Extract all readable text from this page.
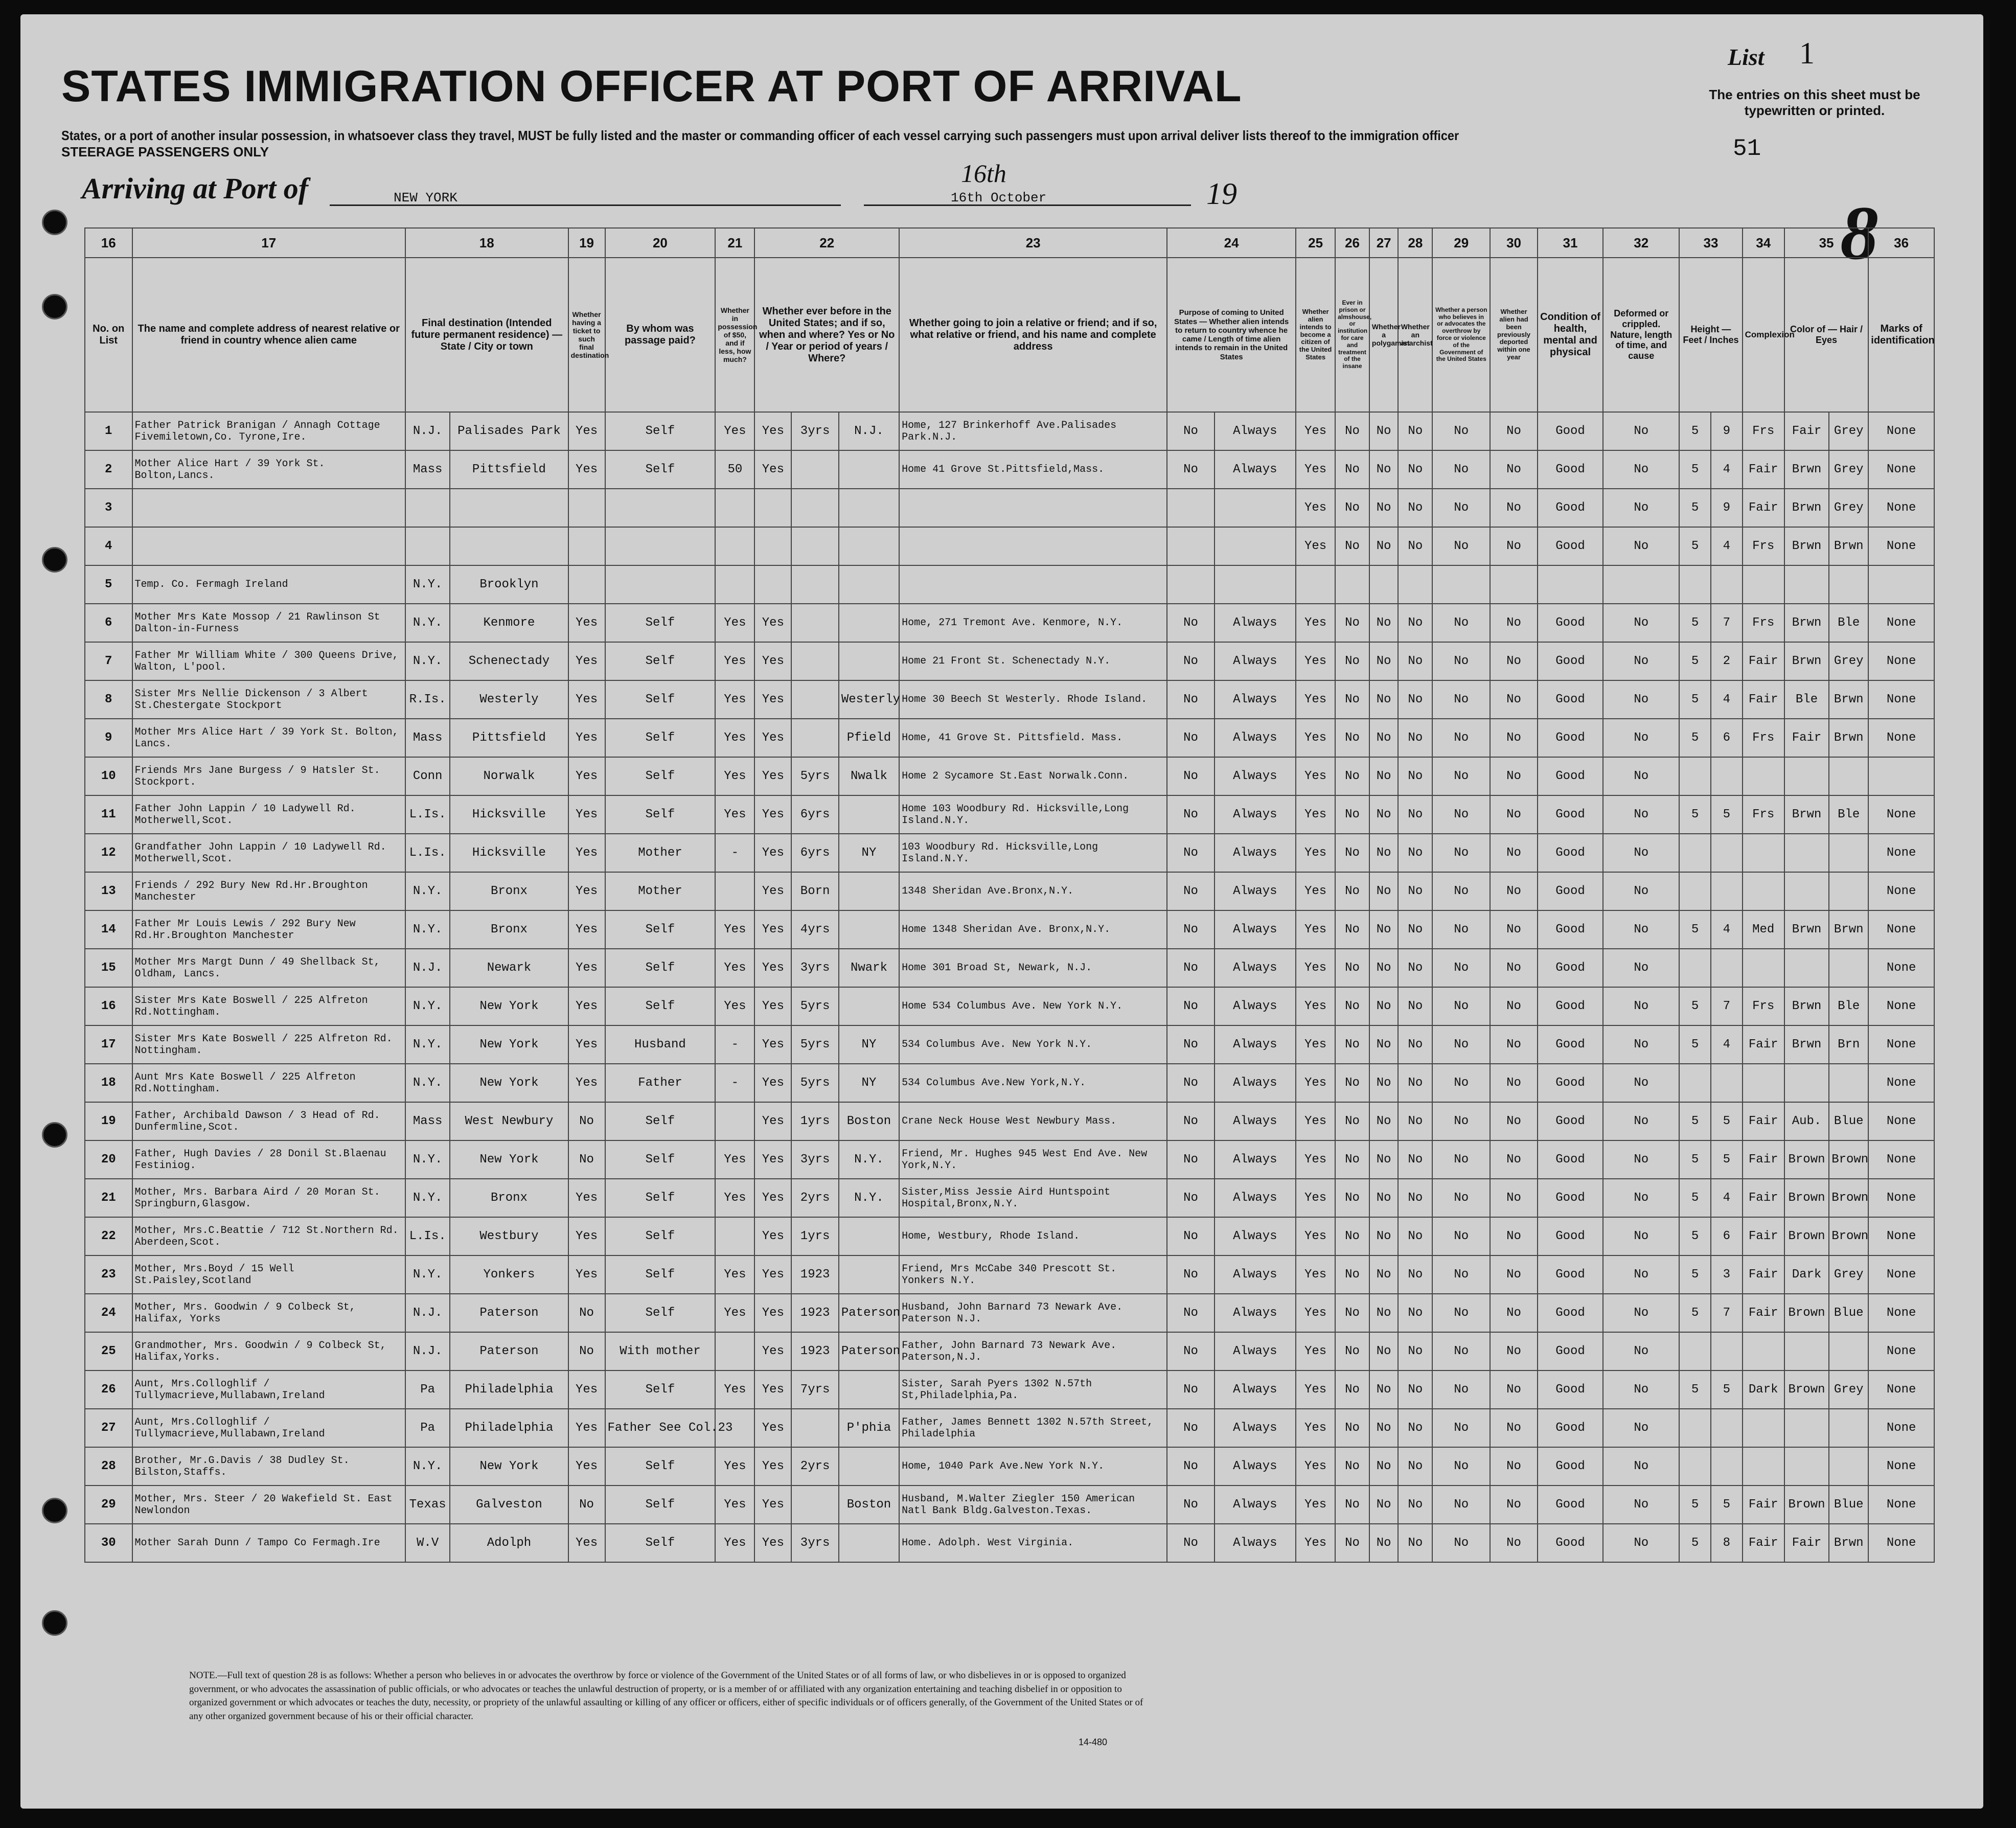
STATES IMMIGRATION OFFICER AT PORT OF ARRIVAL
States, or a port of another insular possession, in whatsoever class they travel, MUST be fully listed and the master or commanding officer of each vessel carrying such passengers must upon arrival deliver lists thereof to the immigration officer
STEERAGE PASSENGERS ONLY
List 1
The entries on this sheet must be typewritten or printed.
51
Arriving at Port of	NEW YORK	16th October
16th
19	8
16	17	18		19	20	21	22			23	24		25	26	27	28	29	30	31	32	33		34	35		36
No. on List	The name and complete address of nearest relative or friend in country whence alien came	Final destination (Intended future permanent residence) — State / City or town		Whether having a ticket to such final destination	By whom was passage paid?	Whether in possession of $50, and if less, how much?	Whether ever before in the United States; and if so, when and where? Yes or No / Year or period of years / Where?			Whether going to join a relative or friend; and if so, what relative or friend, and his name and complete address	Purpose of coming to United States — Whether alien intends to return to country whence he came / Length of time alien intends to remain in the United States		Whether alien intends to become a citizen of the United States	Ever in prison or almshouse, or institution for care and treatment of the insane	Whether a polygamist	Whether an anarchist	Whether a person who believes in or advocates the overthrow by force or violence of the Government of the United States	Whether alien had been previously deported within one year	Condition of health, mental and physical	Deformed or crippled. Nature, length of time, and cause	Height — Feet / Inches		Complexion	Color of — Hair / Eyes		Marks of identification
1	Father Patrick Branigan / Annagh Cottage Fivemiletown,Co. Tyrone,Ire.	N.J.	Palisades Park	Yes	Self	Yes	Yes	3yrs	N.J.	Home, 127 Brinkerhoff Ave.Palisades Park.N.J.	No	Always	Yes	No	No	No	No	No	Good	No	5	9	Frs	Fair	Grey	None
2	Mother Alice Hart / 39 York St. Bolton,Lancs.	Mass	Pittsfield	Yes	Self	50	Yes			Home 41 Grove St.Pittsfield,Mass.	No	Always	Yes	No	No	No	No	No	Good	No	5	4	Fair	Brwn	Grey	None
3													Yes	No	No	No	No	No	Good	No	5	9	Fair	Brwn	Grey	None
4													Yes	No	No	No	No	No	Good	No	5	4	Frs	Brwn	Brwn	None
5	Temp. Co. Fermagh Ireland	N.Y.	Brooklyn																							
6	Mother Mrs Kate Mossop / 21 Rawlinson St Dalton-in-Furness	N.Y.	Kenmore	Yes	Self	Yes	Yes			Home, 271 Tremont Ave. Kenmore, N.Y.	No	Always	Yes	No	No	No	No	No	Good	No	5	7	Frs	Brwn	Ble	None
7	Father Mr William White / 300 Queens Drive, Walton, L'pool.	N.Y.	Schenectady	Yes	Self	Yes	Yes			Home 21 Front St. Schenectady N.Y.	No	Always	Yes	No	No	No	No	No	Good	No	5	2	Fair	Brwn	Grey	None
8	Sister Mrs Nellie Dickenson / 3 Albert St.Chestergate Stockport	R.Is.	Westerly	Yes	Self	Yes	Yes		Westerly	Home 30 Beech St Westerly. Rhode Island.	No	Always	Yes	No	No	No	No	No	Good	No	5	4	Fair	Ble	Brwn	None
9	Mother Mrs Alice Hart / 39 York St. Bolton, Lancs.	Mass	Pittsfield	Yes	Self	Yes	Yes		Pfield	Home, 41 Grove St. Pittsfield. Mass.	No	Always	Yes	No	No	No	No	No	Good	No	5	6	Frs	Fair	Brwn	None
10	Friends Mrs Jane Burgess / 9 Hatsler St. Stockport.	Conn	Norwalk	Yes	Self	Yes	Yes	5yrs	Nwalk	Home 2 Sycamore St.East Norwalk.Conn.	No	Always	Yes	No	No	No	No	No	Good	No						
11	Father John Lappin / 10 Ladywell Rd. Motherwell,Scot.	L.Is.	Hicksville	Yes	Self	Yes	Yes	6yrs		Home 103 Woodbury Rd. Hicksville,Long Island.N.Y.	No	Always	Yes	No	No	No	No	No	Good	No	5	5	Frs	Brwn	Ble	None
12	Grandfather John Lappin / 10 Ladywell Rd. Motherwell,Scot.	L.Is.	Hicksville	Yes	Mother	-	Yes	6yrs	NY	103 Woodbury Rd. Hicksville,Long Island.N.Y.	No	Always	Yes	No	No	No	No	No	Good	No						None
13	Friends / 292 Bury New Rd.Hr.Broughton Manchester	N.Y.	Bronx	Yes	Mother		Yes	Born		1348 Sheridan Ave.Bronx,N.Y.	No	Always	Yes	No	No	No	No	No	Good	No						None
14	Father Mr Louis Lewis / 292 Bury New Rd.Hr.Broughton Manchester	N.Y.	Bronx	Yes	Self	Yes	Yes	4yrs		Home 1348 Sheridan Ave. Bronx,N.Y.	No	Always	Yes	No	No	No	No	No	Good	No	5	4	Med	Brwn	Brwn	None
15	Mother Mrs Margt Dunn / 49 Shellback St, Oldham, Lancs.	N.J.	Newark	Yes	Self	Yes	Yes	3yrs	Nwark	Home 301 Broad St, Newark, N.J.	No	Always	Yes	No	No	No	No	No	Good	No						None
16	Sister Mrs Kate Boswell / 225 Alfreton Rd.Nottingham.	N.Y.	New York	Yes	Self	Yes	Yes	5yrs		Home 534 Columbus Ave. New York N.Y.	No	Always	Yes	No	No	No	No	No	Good	No	5	7	Frs	Brwn	Ble	None
17	Sister Mrs Kate Boswell / 225 Alfreton Rd. Nottingham.	N.Y.	New York	Yes	Husband	-	Yes	5yrs	NY	534 Columbus Ave. New York N.Y.	No	Always	Yes	No	No	No	No	No	Good	No	5	4	Fair	Brwn	Brn	None
18	Aunt Mrs Kate Boswell / 225 Alfreton Rd.Nottingham.	N.Y.	New York	Yes	Father	-	Yes	5yrs	NY	534 Columbus Ave.New York,N.Y.	No	Always	Yes	No	No	No	No	No	Good	No						None
19	Father, Archibald Dawson / 3 Head of Rd. Dunfermline,Scot.	Mass	West Newbury	No	Self		Yes	1yrs	Boston	Crane Neck House West Newbury Mass.	No	Always	Yes	No	No	No	No	No	Good	No	5	5	Fair	Aub.	Blue	None
20	Father, Hugh Davies / 28 Donil St.Blaenau Festiniog.	N.Y.	New York	No	Self	Yes	Yes	3yrs	N.Y.	Friend, Mr. Hughes 945 West End Ave. New York,N.Y.	No	Always	Yes	No	No	No	No	No	Good	No	5	5	Fair	Brown	Brown	None
21	Mother, Mrs. Barbara Aird / 20 Moran St. Springburn,Glasgow.	N.Y.	Bronx	Yes	Self	Yes	Yes	2yrs	N.Y.	Sister,Miss Jessie Aird Huntspoint Hospital,Bronx,N.Y.	No	Always	Yes	No	No	No	No	No	Good	No	5	4	Fair	Brown	Brown	None
22	Mother, Mrs.C.Beattie / 712 St.Northern Rd. Aberdeen,Scot.	L.Is.	Westbury	Yes	Self		Yes	1yrs		Home, Westbury, Rhode Island.	No	Always	Yes	No	No	No	No	No	Good	No	5	6	Fair	Brown	Brown	None
23	Mother, Mrs.Boyd / 15 Well St.Paisley,Scotland	N.Y.	Yonkers	Yes	Self	Yes	Yes	1923		Friend, Mrs McCabe 340 Prescott St. Yonkers N.Y.	No	Always	Yes	No	No	No	No	No	Good	No	5	3	Fair	Dark	Grey	None
24	Mother, Mrs. Goodwin / 9 Colbeck St, Halifax, Yorks	N.J.	Paterson	No	Self	Yes	Yes	1923	Paterson	Husband, John Barnard 73 Newark Ave. Paterson N.J.	No	Always	Yes	No	No	No	No	No	Good	No	5	7	Fair	Brown	Blue	None
25	Grandmother, Mrs. Goodwin / 9 Colbeck St, Halifax,Yorks.	N.J.	Paterson	No	With mother		Yes	1923	Paterson	Father, John Barnard 73 Newark Ave. Paterson,N.J.	No	Always	Yes	No	No	No	No	No	Good	No						None
26	Aunt, Mrs.Colloghlif / Tullymacrieve,Mullabawn,Ireland	Pa	Philadelphia	Yes	Self	Yes	Yes	7yrs		Sister, Sarah Pyers 1302 N.57th St,Philadelphia,Pa.	No	Always	Yes	No	No	No	No	No	Good	No	5	5	Dark	Brown	Grey	None
27	Aunt, Mrs.Colloghlif / Tullymacrieve,Mullabawn,Ireland	Pa	Philadelphia	Yes	Father See Col.23		Yes		P'phia	Father, James Bennett 1302 N.57th Street, Philadelphia	No	Always	Yes	No	No	No	No	No	Good	No						None
28	Brother, Mr.G.Davis / 38 Dudley St. Bilston,Staffs.	N.Y.	New York	Yes	Self	Yes	Yes	2yrs		Home, 1040 Park Ave.New York N.Y.	No	Always	Yes	No	No	No	No	No	Good	No						None
29	Mother, Mrs. Steer / 20 Wakefield St. East Newlondon	Texas	Galveston	No	Self	Yes	Yes		Boston	Husband, M.Walter Ziegler 150 American Natl Bank Bldg.Galveston.Texas.	No	Always	Yes	No	No	No	No	No	Good	No	5	5	Fair	Brown	Blue	None
30	Mother Sarah Dunn / Tampo Co Fermagh.Ire	W.V	Adolph	Yes	Self	Yes	Yes	3yrs		Home. Adolph. West Virginia.	No	Always	Yes	No	No	No	No	No	Good	No	5	8	Fair	Fair	Brwn	None
NOTE.—Full text of question 28 is as follows: Whether a person who believes in or advocates the overthrow by force or violence of the Government of the United States or of all forms of law, or who disbelieves in or is opposed to organized government, or who advocates the assassination of public officials, or who advocates or teaches the unlawful destruction of property, or is a member of or affiliated with any organization entertaining and teaching disbelief in or opposition to organized government or which advocates or teaches the duty, necessity, or propriety of the unlawful assaulting or killing of any officer or officers, either of specific individuals or of officers generally, of the Government of the United States or of any other organized government because of his or their official character.
14-480
